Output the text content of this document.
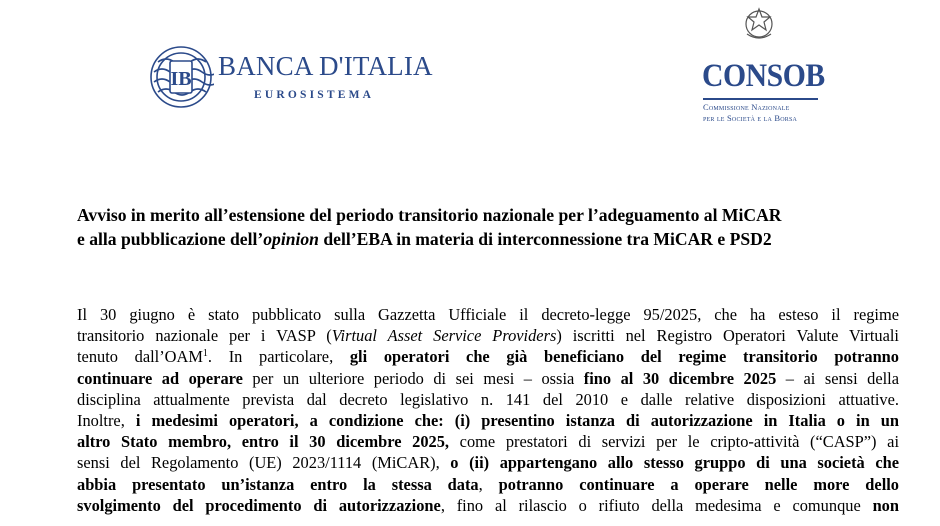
IB BANCA D'ITALIA
EUROSISTEMA
CONSOB
Commissione Nazionale
per le Società e la Borsa
Avviso in merito all’estensione del periodo transitorio nazionale per l’adeguamento al MiCAR
e alla pubblicazione dell’opinion dell’EBA in materia di interconnessione tra MiCAR e PSD2
Il 30 giugno è stato pubblicato sulla Gazzetta Ufficiale il decreto-legge 95/2025, che ha esteso il regime
transitorio nazionale per i VASP (Virtual Asset Service Providers) iscritti nel Registro Operatori Valute Virtuali
tenuto dall’OAM$^1$. In particolare, gli operatori che già beneficiano del regime transitorio potranno
continuare ad operare per un ulteriore periodo di sei mesi – ossia fino al 30 dicembre 2025 – ai sensi della
disciplina attualmente prevista dal decreto legislativo n. 141 del 2010 e dalle relative disposizioni attuative.
Inoltre, i medesimi operatori, a condizione che: (i) presentino istanza di autorizzazione in Italia o in un
altro Stato membro, entro il 30 dicembre 2025, come prestatori di servizi per le cripto-attività (“CASP”) ai
sensi del Regolamento (UE) 2023/1114 (MiCAR), o (ii) appartengano allo stesso gruppo di una società che
abbia presentato un’istanza entro la stessa data, potranno continuare a operare nelle more dello
svolgimento del procedimento di autorizzazione, fino al rilascio o rifiuto della medesima e comunque non
